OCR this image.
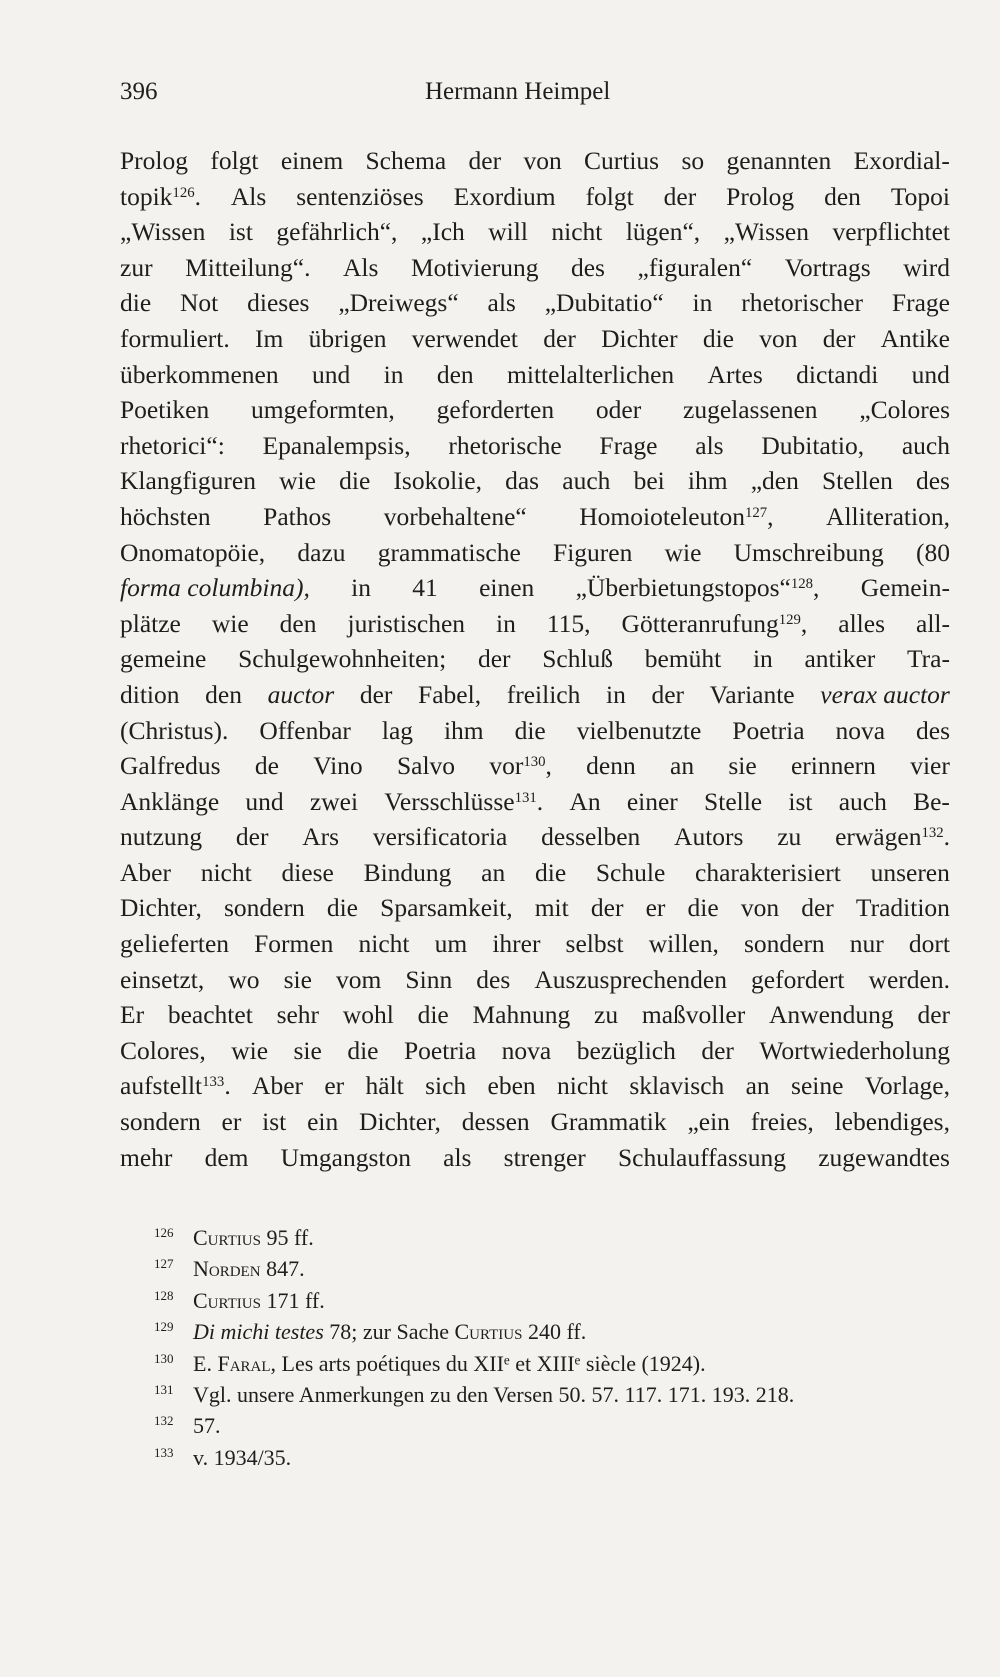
396	Hermann Heimpel
Prolog folgt einem Schema der von Curtius so genannten Exordial-
topik$^{126}$. Als sentenziöses Exordium folgt der Prolog den Topoi
„Wissen ist gefährlich“, „Ich will nicht lügen“, „Wissen verpflichtet
zur Mitteilung“. Als Motivierung des „figuralen“ Vortrags wird
die Not dieses „Dreiwegs“ als „Dubitatio“ in rhetorischer Frage
formuliert. Im übrigen verwendet der Dichter die von der Antike
überkommenen und in den mittelalterlichen Artes dictandi und
Poetiken umgeformten, geforderten oder zugelassenen „Colores
rhetorici“: Epanalempsis, rhetorische Frage als Dubitatio, auch
Klangfiguren wie die Isokolie, das auch bei ihm „den Stellen des
höchsten Pathos vorbehaltene“ Homoioteleuton$^{127}$, Alliteration,
Onomatopöie, dazu grammatische Figuren wie Umschreibung (80
forma columbina), in 41 einen „Überbietungstopos“$^{128}$, Gemein-
plätze wie den juristischen in 115, Götteranrufung$^{129}$, alles all-
gemeine Schulgewohnheiten; der Schluß bemüht in antiker Tra-
dition den auctor der Fabel, freilich in der Variante verax auctor
(Christus). Offenbar lag ihm die vielbenutzte Poetria nova des
Galfredus de Vino Salvo vor$^{130}$, denn an sie erinnern vier
Anklänge und zwei Versschlüsse$^{131}$. An einer Stelle ist auch Be-
nutzung der Ars versificatoria desselben Autors zu erwägen$^{132}$.
Aber nicht diese Bindung an die Schule charakterisiert unseren
Dichter, sondern die Sparsamkeit, mit der er die von der Tradition
gelieferten Formen nicht um ihrer selbst willen, sondern nur dort
einsetzt, wo sie vom Sinn des Auszusprechenden gefordert werden.
Er beachtet sehr wohl die Mahnung zu maßvoller Anwendung der
Colores, wie sie die Poetria nova bezüglich der Wortwiederholung
aufstellt$^{133}$. Aber er hält sich eben nicht sklavisch an seine Vorlage,
sondern er ist ein Dichter, dessen Grammatik „ein freies, lebendiges,
mehr dem Umgangston als strenger Schulauffassung zugewandtes
126 Curtius 95 ff.
127 Norden 847.
128 Curtius 171 ff.
129 Di michi testes 78; zur Sache Curtius 240 ff.
130 E. Faral, Les arts poétiques du XIIe et XIIIe siècle (1924).
131 Vgl. unsere Anmerkungen zu den Versen 50. 57. 117. 171. 193. 218.
132 57.
133 v. 1934/35.
